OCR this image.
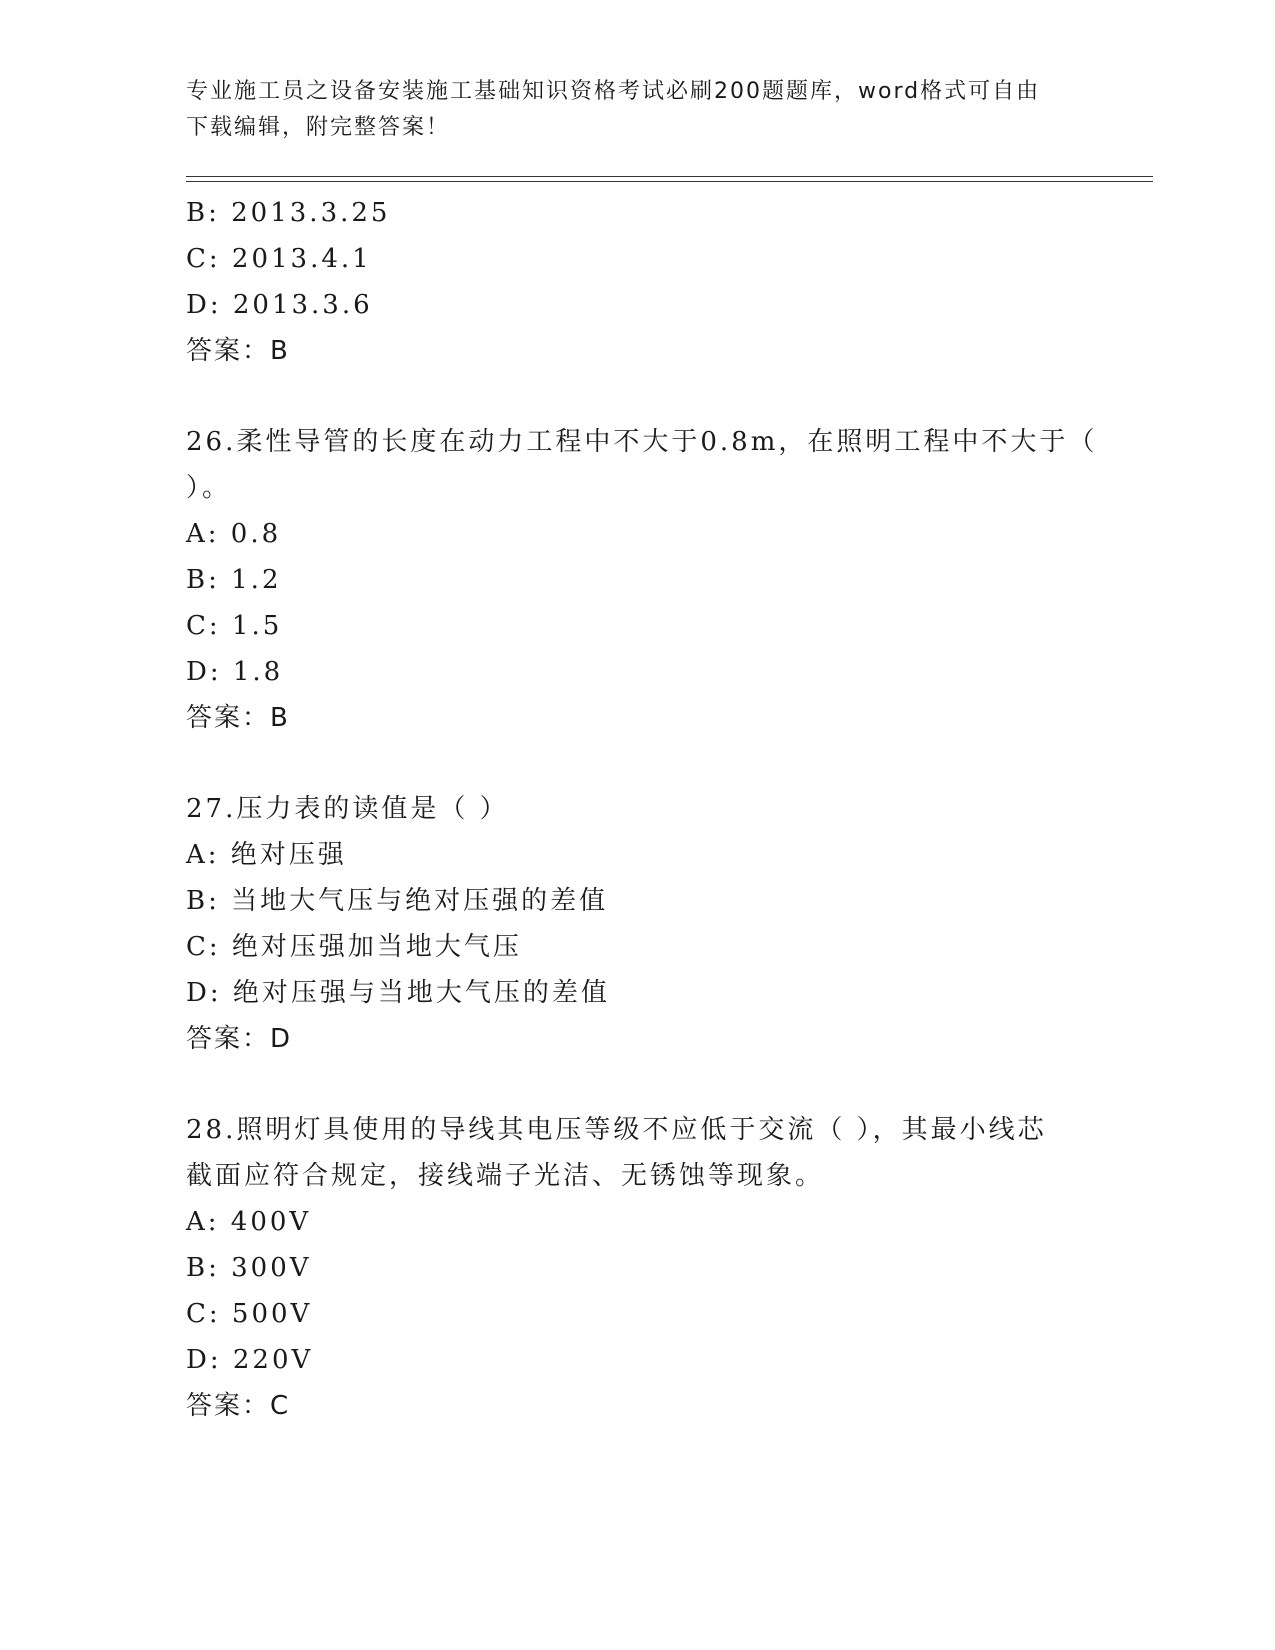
专业施工员之设备安装施工基础知识资格考试必刷200题题库，word格式可自由
下载编辑，附完整答案！
B: 2013.3.25
C: 2013.4.1
D: 2013.3.6
答案：B
26.柔性导管的长度在动力工程中不大于0.8m，在照明工程中不大于（
）。
A: 0.8
B: 1.2
C: 1.5
D: 1.8
答案：B
27.压力表的读值是（ ）
A: 绝对压强
B: 当地大气压与绝对压强的差值
C: 绝对压强加当地大气压
D: 绝对压强与当地大气压的差值
答案：D
28.照明灯具使用的导线其电压等级不应低于交流（ ），其最小线芯
截面应符合规定，接线端子光洁、无锈蚀等现象。
A: 400V
B: 300V
C: 500V
D: 220V
答案：C
